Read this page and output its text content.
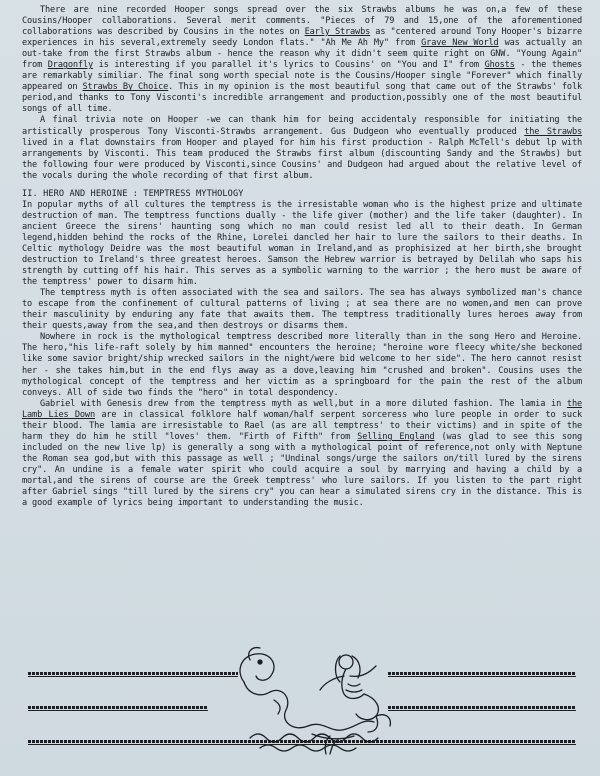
There are nine recorded Hooper songs spread over the six Strawbs albums he was on,a few of these Cousins/Hooper collaborations. Several merit comments. "Pieces of 79 and 15,one of the aforementioned collaborations was described by Cousins in the notes on Early Strawbs as "centered around Tony Hooper's bizarre experiences in his several,extremely seedy London flats." "Ah Me Ah My" from Grave New World was actually an out-take from the first Strawbs album - hence the reason why it didn't seem quite right on GNW. "Young Again" from Dragonfly is interesting if you parallel it's lyrics to Cousins' on "You and I" from Ghosts - the themes are remarkably similiar. The final song worth special note is the Cousins/Hooper single "Forever" which finally appeared on Strawbs By Choice. This in my opinion is the most beautiful song that came out of the Strawbs' folk period,and thanks to Tony Visconti's incredible arrangement and production,possibly one of the most beautiful songs of all time.

A final trivia note on Hooper -we can thank him for being accidentaly responsible for initiating the artistically prosperous Tony Visconti-Strawbs arrangement. Gus Dudgeon who eventually produced the Strawbs lived in a flat downstairs from Hooper and played for him his first production - Ralph McTell's debut lp with arrangements by Visconti. This team produced the Strawbs first album (discounting Sandy and the Strawbs) but the following four were produced by Visconti,since Cousins' and Dudgeon had argued about the relative level of the vocals during the whole recording of that first album.

II. HERO AND HEROINE : TEMPTRESS MYTHOLOGY

In popular myths of all cultures the temptress is the irresistable woman who is the highest prize and ultimate destruction of man. The temptress functions dually - the life giver (mother) and the life taker (daughter). In ancient Greece the sirens' haunting song which no man could resist led all to their death. In German legend,hidden behind the rocks of the Rhine, Lorelei dancled her hair to lure the sailors to their deaths. In Celtic mythology Deidre was the most beautiful woman in Ireland,and as prophisized at her birth,she brought destruction to Ireland's three greatest heroes. Samson the Hebrew warrior is betrayed by Delilah who saps his strength by cutting off his hair. This serves as a symbolic warning to the warrior ; the hero must be aware of the temptress' power to disarm him.

The temptress myth is often associated with the sea and sailors. The sea has always symbolized man's chance to escape from the confinement of cultural patterns of living ; at sea there are no women,and men can prove their masculinity by enduring any fate that awaits them. The temptress traditionally lures heroes away from their quests,away from the sea,and then destroys or disarms them.

Nowhere in rock is the mythological temptress described more literally than in the song Hero and Heroine. The hero,"his life-raft solely by him manned" encounters the heroine; "heroine wore fleecy white/she beckoned like some savior bright/ship wrecked sailors in the night/were bid welcome to her side". The hero cannot resist her - she takes him,but in the end flys away as a dove,leaving him "crushed and broken". Cousins uses the mythological concept of the temptress and her victim as a springboard for the pain the rest of the album conveys. All of side two finds the "hero" in total despondency.

Gabriel with Genesis drew from the temptress myth as well,but in a more diluted fashion. The lamia in the Lamb Lies Down are in classical folklore half woman/half serpent sorceress who lure people in order to suck their blood. The lamia are irresistable to Rael (as are all temptress' to their victims) and in spite of the harm they do him he still "loves' them. "Firth of Fifth" from Selling England (was glad to see this song included on the new live lp) is generally a song with a mythological point of reference,not only with Neptune the Roman sea god,but with this passage as well ; "Undinal songs/urge the sailors on/till lured by the sirens cry". An undine is a female water spirit who could acquire a soul by marrying and having a child by a mortal,and the sirens of course are the Greek temptress' who lure sailors. If you listen to the part right after Gabriel sings "till lured by the sirens cry" you can hear a simulated sirens cry in the distance. This is a good example of lyrics being important to understanding the music.
